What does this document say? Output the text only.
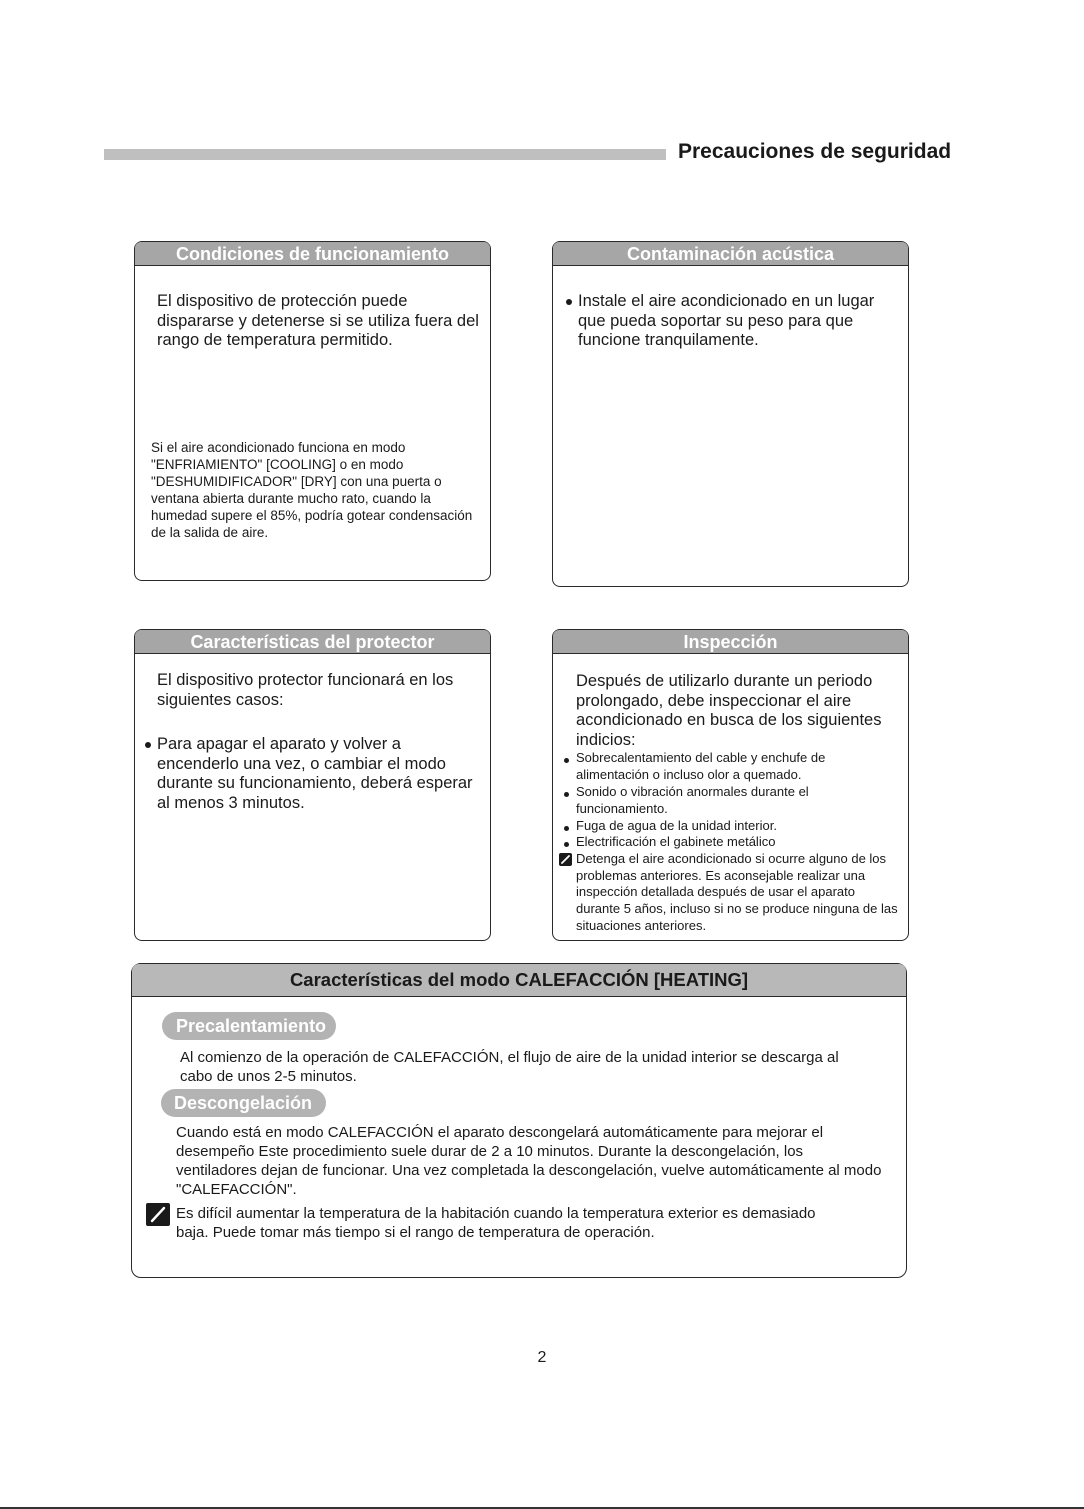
Precauciones de seguridad
Condiciones de funcionamiento

El dispositivo de protección puede dispararse y detenerse si se utiliza fuera del rango de temperatura permitido.

Si el aire acondicionado funciona en modo "ENFRIAMIENTO" [COOLING] o en modo "DESHUMIDIFICADOR" [DRY] con una puerta o ventana abierta durante mucho rato, cuando la humedad supere el 85%, podría gotear condensación de la salida de aire.

Contaminación acústica

Instale el aire acondicionado en un lugar que pueda soportar su peso para que funcione tranquilamente.

Características del protector

El dispositivo protector funcionará en los siguientes casos:

Para apagar el aparato y volver a encenderlo una vez, o cambiar el modo durante su funcionamiento, deberá esperar al menos 3 minutos.

Inspección

Después de utilizarlo durante un periodo prolongado, debe inspeccionar el aire acondicionado en busca de los siguientes indicios:

Sobrecalentamiento del cable y enchufe de alimentación o incluso olor a quemado.

Sonido o vibración anormales durante el funcionamiento.

Fuga de agua de la unidad interior.

Electrificación el gabinete metálico

Detenga el aire acondicionado si ocurre alguno de los problemas anteriores. Es aconsejable realizar una inspección detallada después de usar el aparato durante 5 años, incluso si no se produce ninguna de las situaciones anteriores.

Características del modo CALEFACCIÓN [HEATING]
Precalentamiento

Al comienzo de la operación de CALEFACCIÓN, el flujo de aire de la unidad interior se descarga al cabo de unos 2-5 minutos.

Descongelación

Cuando está en modo CALEFACCIÓN el aparato descongelará automáticamente para mejorar el desempeño Este procedimiento suele durar de 2 a 10 minutos. Durante la descongelación, los ventiladores dejan de funcionar. Una vez completada la descongelación, vuelve automáticamente al modo "CALEFACCIÓN".

Es difícil aumentar la temperatura de la habitación cuando la temperatura exterior es demasiado baja. Puede tomar más tiempo si el rango de temperatura de operación.

2
